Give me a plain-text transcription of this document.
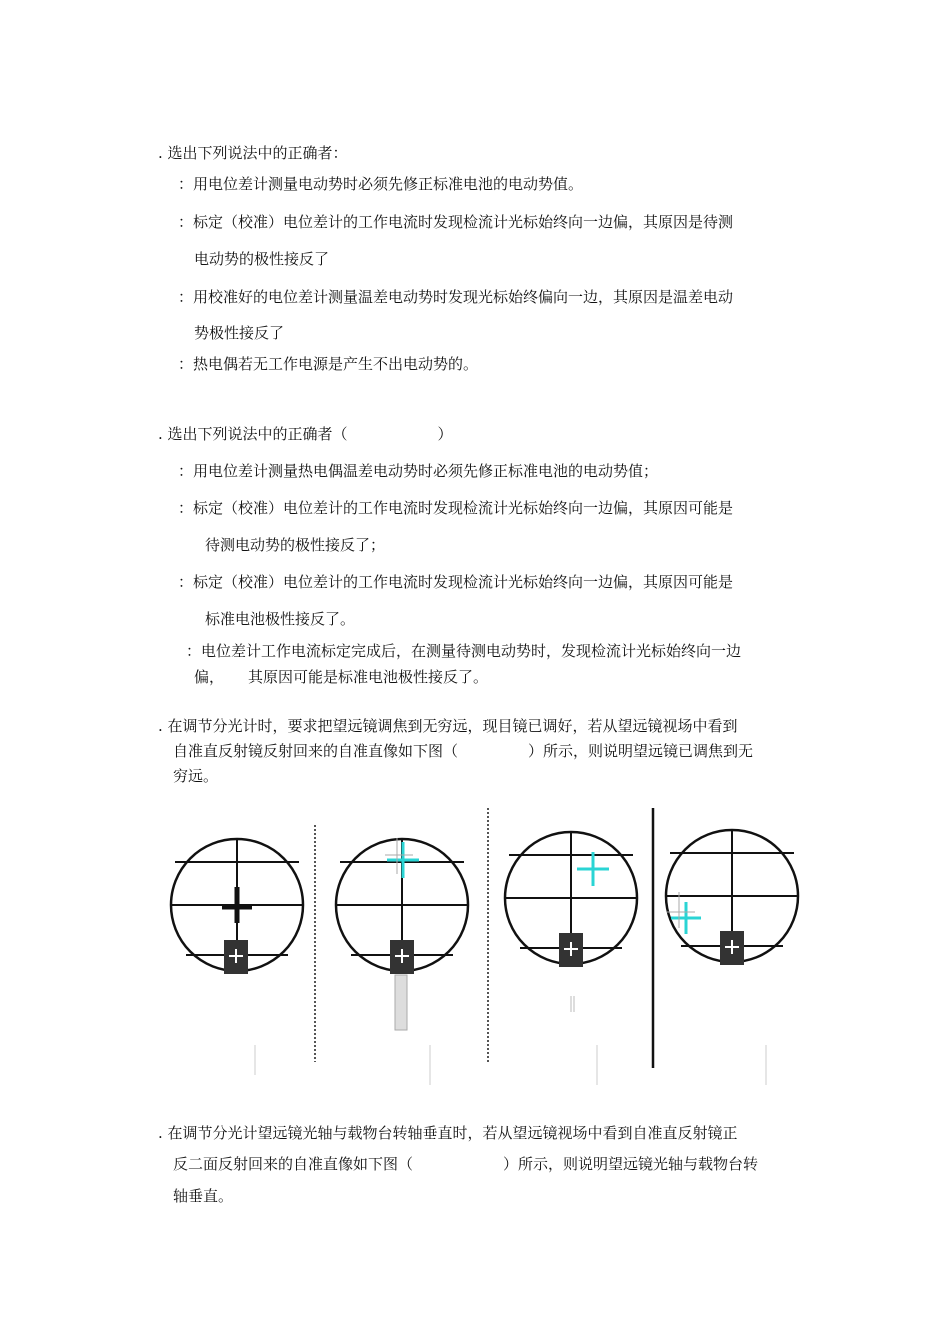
. 选出下列说法中的正确者：
：用电位差计测量电动势时必须先修正标准电池的电动势值。
：标定（校准）电位差计的工作电流时发现检流计光标始终向一边偏，其原因是待测
电动势的极性接反了
：用校准好的电位差计测量温差电动势时发现光标始终偏向一边，其原因是温差电动
势极性接反了
：热电偶若无工作电源是产生不出电动势的。
. 选出下列说法中的正确者（	）
：用电位差计测量热电偶温差电动势时必须先修正标准电池的电动势值；
：标定（校准）电位差计的工作电流时发现检流计光标始终向一边偏，其原因可能是
待测电动势的极性接反了；
：标定（校准）电位差计的工作电流时发现检流计光标始终向一边偏，其原因可能是
标准电池极性接反了。
：电位差计工作电流标定完成后，在测量待测电动势时，发现检流计光标始终向一边
偏， 其原因可能是标准电池极性接反了。
. 在调节分光计时，要求把望远镜调焦到无穷远，现目镜已调好，若从望远镜视场中看到
自准直反射镜反射回来的自准直像如下图（	）所示，则说明望远镜已调焦到无
穷远。
. 在调节分光计望远镜光轴与载物台转轴垂直时，若从望远镜视场中看到自准直反射镜正
反二面反射回来的自准直像如下图（	）所示，则说明望远镜光轴与载物台转
轴垂直。
